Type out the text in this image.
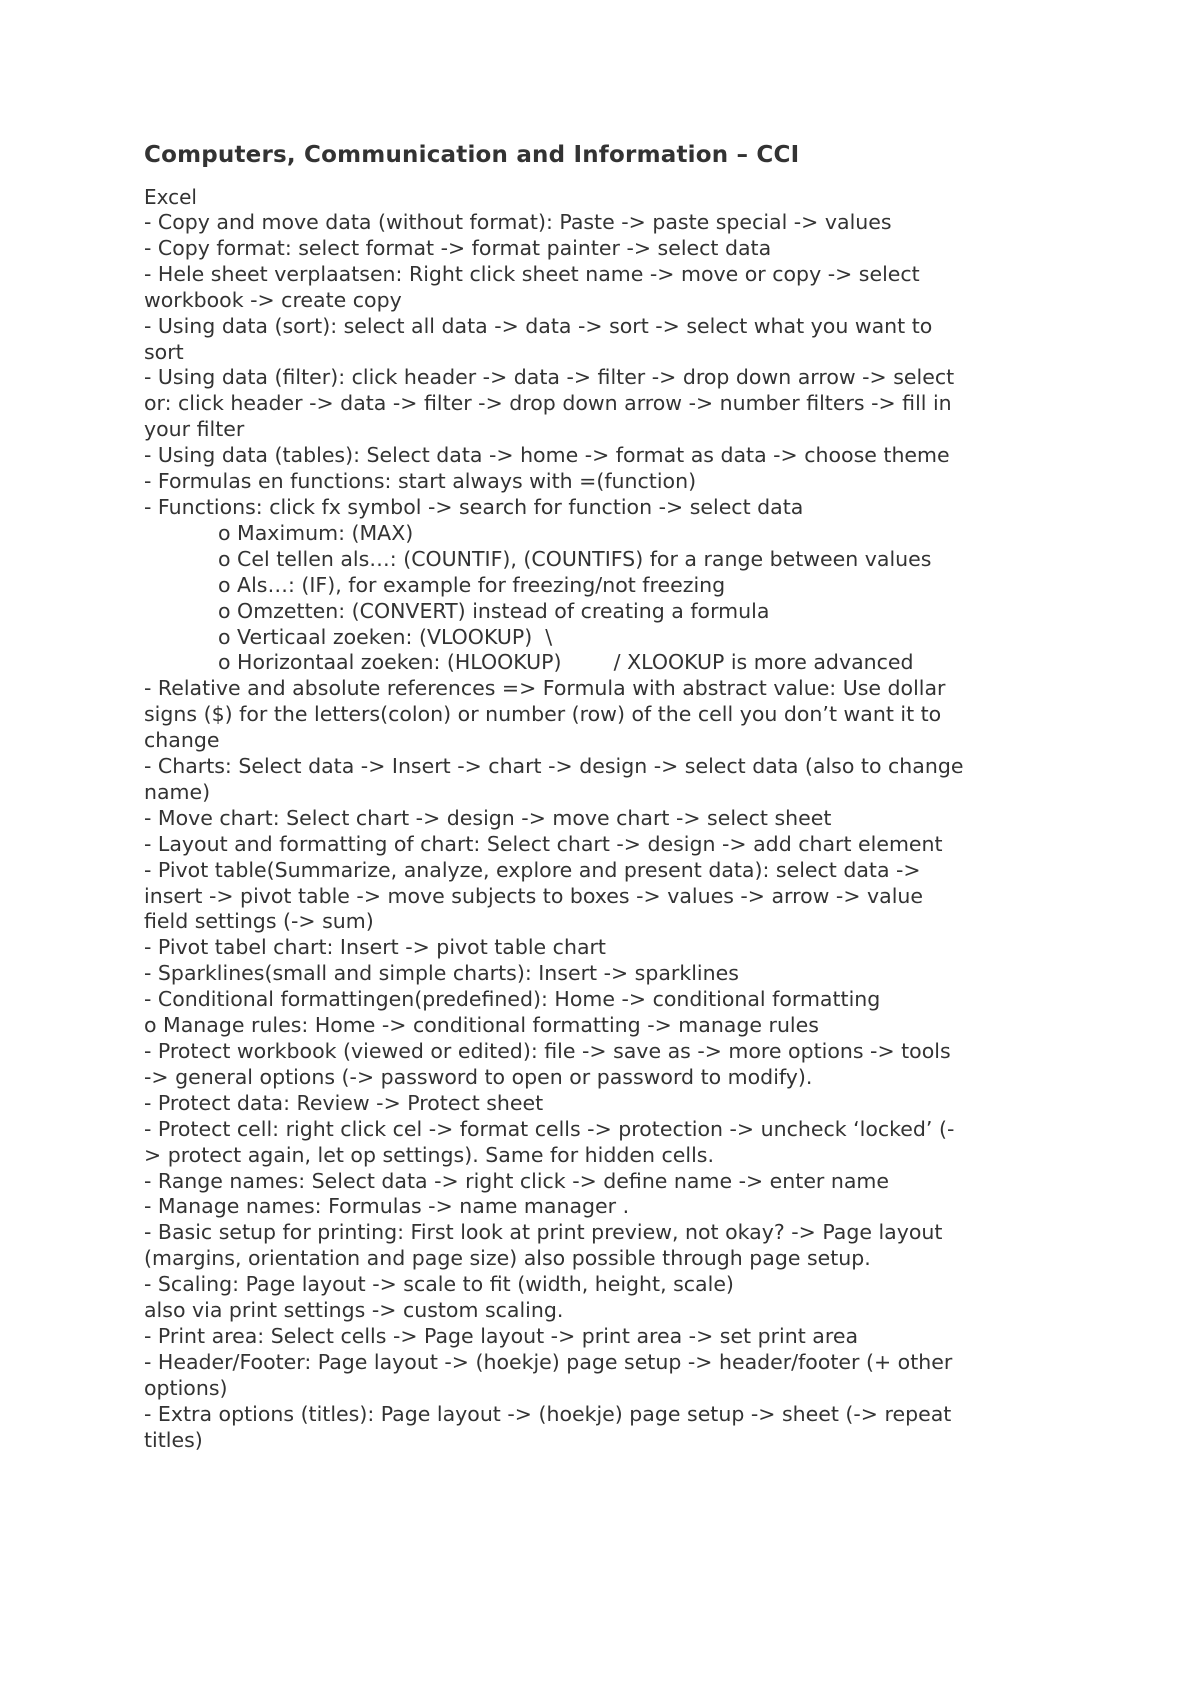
Computers, Communication and Information – CCI
Excel
- Copy and move data (without format): Paste -> paste special -> values
- Copy format: select format -> format painter -> select data
- Hele sheet verplaatsen: Right click sheet name -> move or copy -> select
workbook -> create copy
- Using data (sort): select all data -> data -> sort -> select what you want to
sort
- Using data (filter): click header -> data -> filter -> drop down arrow -> select
or: click header -> data -> filter -> drop down arrow -> number filters -> fill in
your filter
- Using data (tables): Select data -> home -> format as data -> choose theme
- Formulas en functions: start always with =(function)
- Functions: click fx symbol -> search for function -> select data
o Maximum: (MAX)
o Cel tellen als…: (COUNTIF), (COUNTIFS) for a range between values
o Als…: (IF), for example for freezing/not freezing
o Omzetten: (CONVERT) instead of creating a formula
o Verticaal zoeken: (VLOOKUP)  \
o Horizontaal zoeken: (HLOOKUP)        / XLOOKUP is more advanced
- Relative and absolute references => Formula with abstract value: Use dollar
signs ($) for the letters(colon) or number (row) of the cell you don’t want it to
change
- Charts: Select data -> Insert -> chart -> design -> select data (also to change
name)
- Move chart: Select chart -> design -> move chart -> select sheet
- Layout and formatting of chart: Select chart -> design -> add chart element
- Pivot table(Summarize, analyze, explore and present data): select data ->
insert -> pivot table -> move subjects to boxes -> values -> arrow -> value
field settings (-> sum)
- Pivot tabel chart: Insert -> pivot table chart
- Sparklines(small and simple charts): Insert -> sparklines
- Conditional formattingen(predefined): Home -> conditional formatting
o Manage rules: Home -> conditional formatting -> manage rules
- Protect workbook (viewed or edited): file -> save as -> more options -> tools
-> general options (-> password to open or password to modify).
- Protect data: Review -> Protect sheet
- Protect cell: right click cel -> format cells -> protection -> uncheck ‘locked’ (-
> protect again, let op settings). Same for hidden cells.
- Range names: Select data -> right click -> define name -> enter name
- Manage names: Formulas -> name manager .
- Basic setup for printing: First look at print preview, not okay? -> Page layout
(margins, orientation and page size) also possible through page setup.
- Scaling: Page layout -> scale to fit (width, height, scale)
also via print settings -> custom scaling.
- Print area: Select cells -> Page layout -> print area -> set print area
- Header/Footer: Page layout -> (hoekje) page setup -> header/footer (+ other
options)
- Extra options (titles): Page layout -> (hoekje) page setup -> sheet (-> repeat
titles)
